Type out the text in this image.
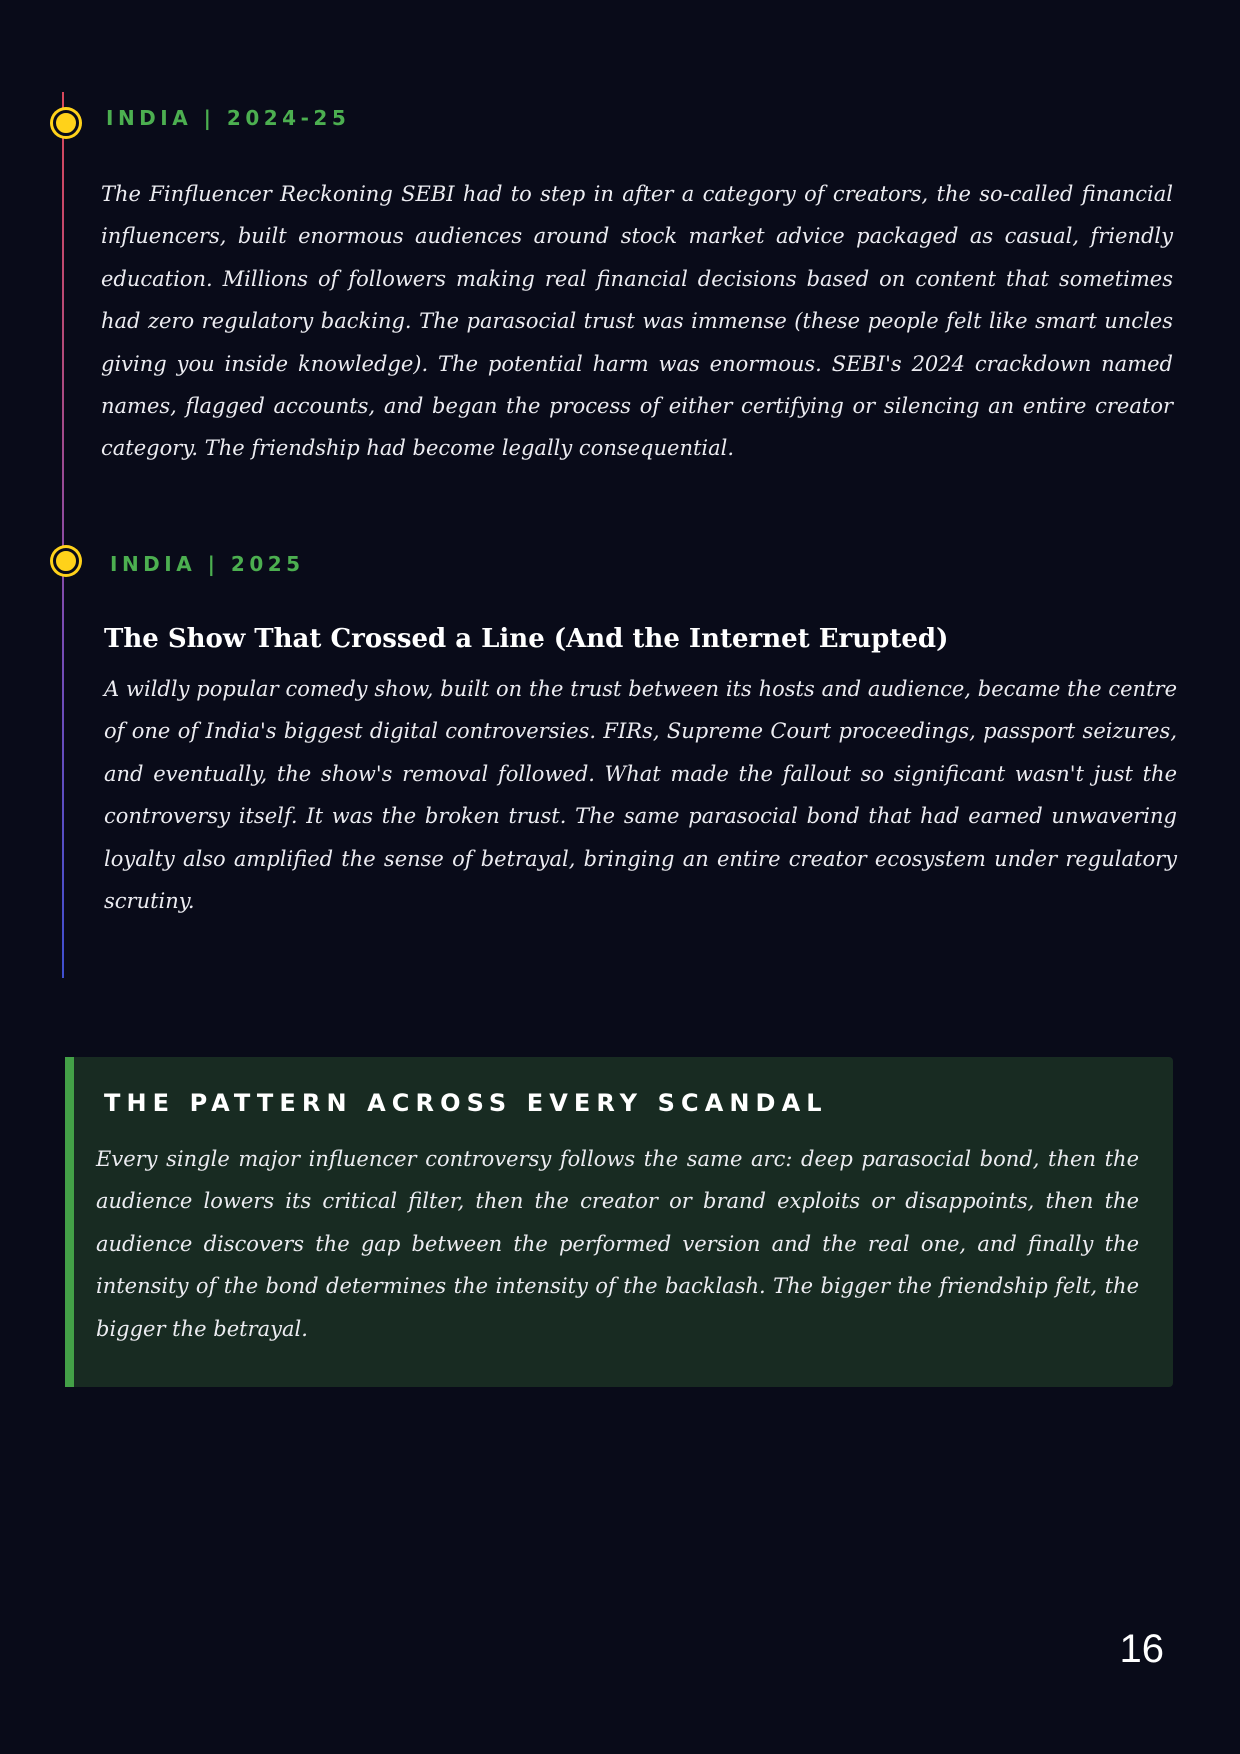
INDIA | 2024-25

The Finfluencer Reckoning SEBI had to step in after a category of creators, the so-called financial influencers, built enormous audiences around stock market advice packaged as casual, friendly education. Millions of followers making real financial decisions based on content that sometimes had zero regulatory backing. The parasocial trust was immense (these people felt like smart uncles giving you inside knowledge). The potential harm was enormous. SEBI's 2024 crackdown named names, flagged accounts, and began the process of either certifying or silencing an entire creator category. The friendship had become legally consequential.

INDIA | 2025
The Show That Crossed a Line (And the Internet Erupted)

A wildly popular comedy show, built on the trust between its hosts and audience, became the centre of one of India's biggest digital controversies. FIRs, Supreme Court proceedings, passport seizures, and eventually, the show's removal followed. What made the fallout so significant wasn't just the controversy itself. It was the broken trust. The same parasocial bond that had earned unwavering loyalty also amplified the sense of betrayal, bringing an entire creator ecosystem under regulatory scrutiny.

THE PATTERN ACROSS EVERY SCANDAL

Every single major influencer controversy follows the same arc: deep parasocial bond, then the audience lowers its critical filter, then the creator or brand exploits or disappoints, then the audience discovers the gap between the performed version and the real one, and finally the intensity of the bond determines the intensity of the backlash. The bigger the friendship felt, the bigger the betrayal.

16
